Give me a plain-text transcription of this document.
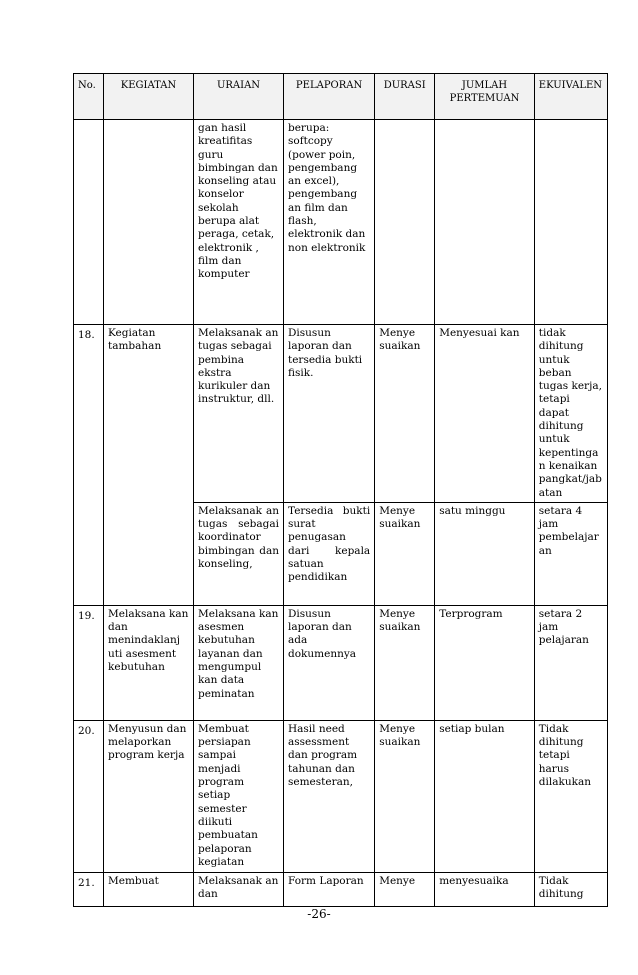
No.	KEGIATAN	URAIAN	PELAPORAN	DURASI	JUMLAH PERTEMUAN	EKUIVALEN
		gan hasil kreatifitas guru bimbingan dan konseling atau konselor sekolah berupa alat peraga, cetak, elektronik , film dan komputer	berupa: softcopy (power poin, pengembang an excel), pengembang an film dan flash, elektronik dan non elektronik			
18.	Kegiatan tambahan	Melaksanak an tugas sebagai pembina ekstra kurikuler dan instruktur, dll.	Disusun laporan dan tersedia bukti fisik.	Menye suaikan	Menyesuai kan	tidak dihitung untuk beban tugas kerja, tetapi dapat dihitung untuk kepentingan kenaikan pangkat/jab atan
		Melaksanak an tugas sebagai koordinator bimbingan dan konseling,	Tersedia bukti surat penugasan dari kepala satuan pendidikan	Menye suaikan	satu minggu	setara 4 jam pembelajar an
19.	Melaksana kan dan menindaklanj uti asesment kebutuhan	Melaksana kan asesmen kebutuhan layanan dan mengumpul kan data peminatan	Disusun laporan dan ada dokumennya	Menye suaikan	Terprogram	setara 2 jam pelajaran
20.	Menyusun dan melaporkan program kerja	Membuat persiapan sampai menjadi program setiap semester diikuti pembuatan pelaporan kegiatan	Hasil need assessment dan program tahunan dan semesteran,	Menye suaikan	setiap bulan	Tidak dihitung tetapi harus dilakukan
21.	Membuat	Melaksanak an dan	Form Laporan	Menye	menyesuaika	Tidak dihitung
-26-
